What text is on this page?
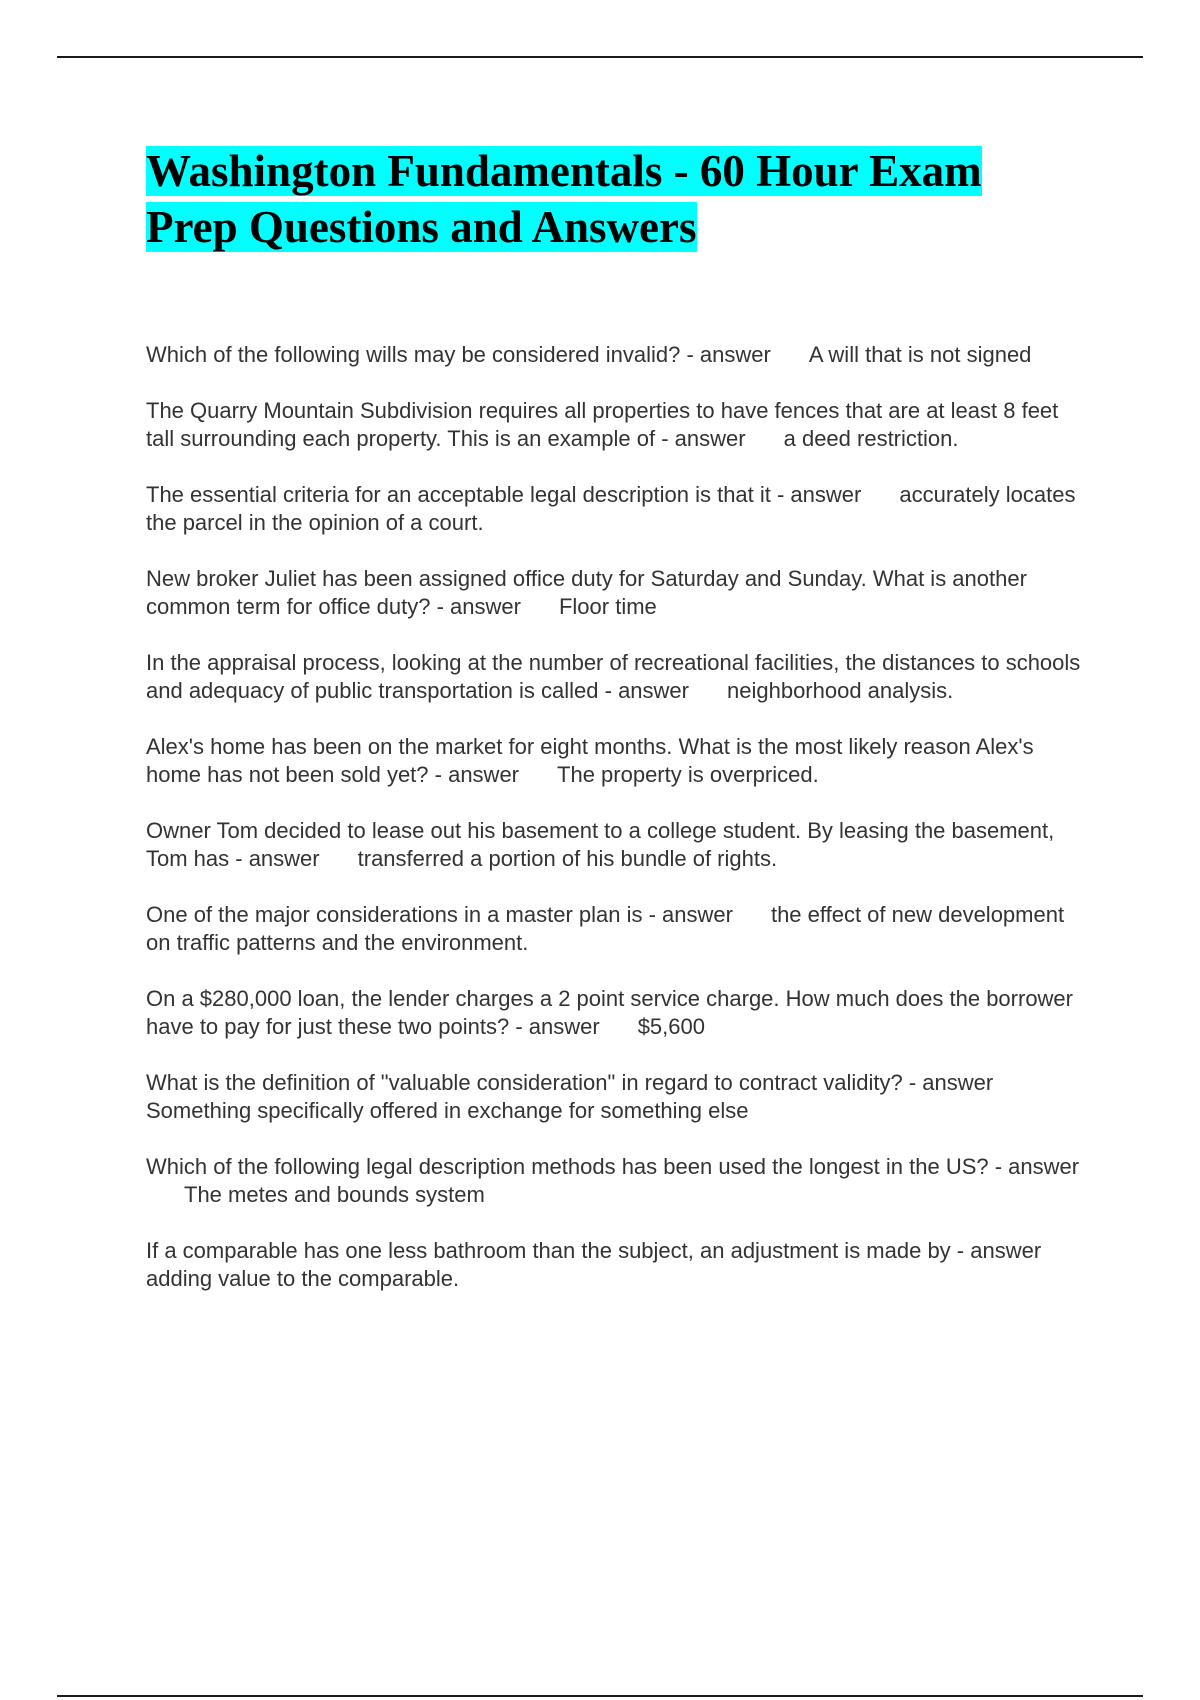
Washington Fundamentals - 60 Hour Exam Prep Questions and Answers

Which of the following wills may be considered invalid? - answer A will that is not signed

The Quarry Mountain Subdivision requires all properties to have fences that are at least 8 feet tall surrounding each property. This is an example of - answer a deed restriction.

The essential criteria for an acceptable legal description is that it - answer accurately locates the parcel in the opinion of a court.

New broker Juliet has been assigned office duty for Saturday and Sunday. What is another common term for office duty? - answer Floor time

In the appraisal process, looking at the number of recreational facilities, the distances to schools and adequacy of public transportation is called - answer neighborhood analysis.

Alex's home has been on the market for eight months. What is the most likely reason Alex's home has not been sold yet? - answer The property is overpriced.

Owner Tom decided to lease out his basement to a college student. By leasing the basement, Tom has - answer transferred a portion of his bundle of rights.

One of the major considerations in a master plan is - answer the effect of new development on traffic patterns and the environment.

On a $280,000 loan, the lender charges a 2 point service charge. How much does the borrower have to pay for just these two points? - answer $5,600

What is the definition of "valuable consideration" in regard to contract validity? - answerSomething specifically offered in exchange for something else

Which of the following legal description methods has been used the longest in the US? - answerThe metes and bounds system

If a comparable has one less bathroom than the subject, an adjustment is made by - answeradding value to the comparable.
